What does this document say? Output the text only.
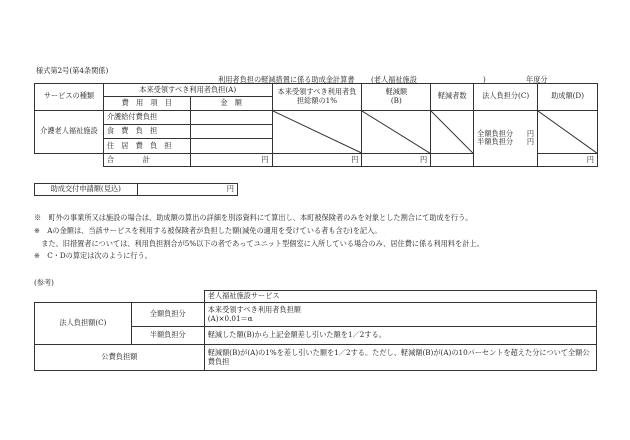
様式第2号(第4条関係)
利用者負担の軽減措置に係る助成金計算書 (老人福祉施設	)	年度分
サービスの種類	本来受領すべき利用者負担(A)		本来受領すべき利用者負担総額の1%	軽減額
(B)	軽減者数	法人負担分(C)	助成額(D)
	費　用　項　目	金　額					
介護老人福祉施設	介護給付費負担					全額負担分 円
半額負担分 円

	食　費　負　担						
	住　居　費　負　担						
	合　　　　計	円	円	円			円
助成交付申請額(見込)	円
※　町外の事業所又は施設の場合は、助成額の算出の詳細を別添資料にて算出し、本町被保険者のみを対象とした割合にて助成を行う。
※　Aの金額は、当該サービスを利用する被保険者が負担した額(減免の適用を受けている者も含む)を記入。
　また、旧措置者については、利用負担割合が5%以下の者であってユニット型個室に入所している場合のみ、居住費に係る利用料を計上。
※　C・Dの算定は次のように行う。
(参考)
		老人福祉施設サービス
法人負担額(C)	全額負担分	本来受領すべき利用者負担額
(A)×0.01＝α
	半額負担分	軽減した額(B)から上記金額差し引いた額を1／2する。
公費負担額		軽減額(B)が(A)の1%を差し引いた額を1／2する。ただし、軽減額(B)が(A)の10パーセントを超えた分について全額公費負担
